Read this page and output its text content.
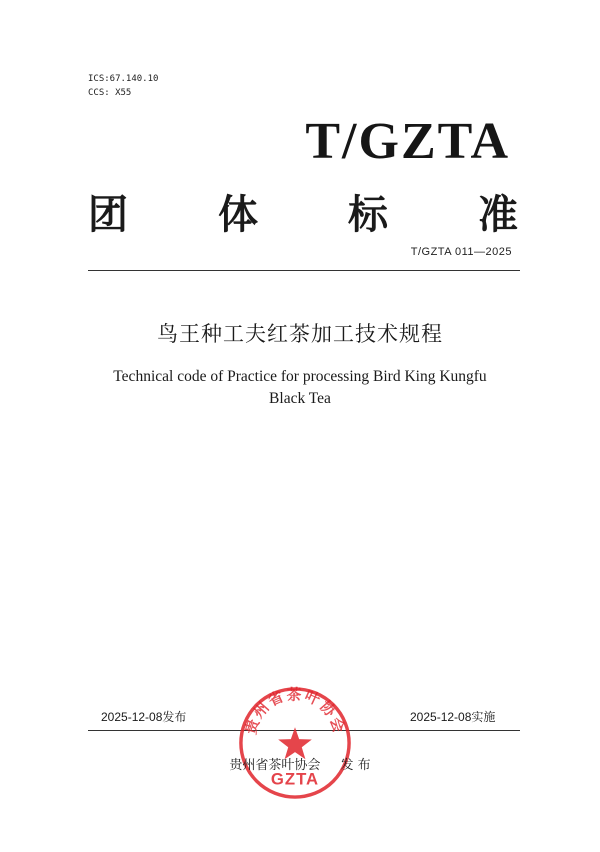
ICS:67.140.10
CCS: X55
T/GZTA
团 体 标 准
T/GZTA 011—2025
鸟王种工夫红茶加工技术规程
Technical code of Practice for processing Bird King Kungfu
Black Tea
2025-12-08发布	2025-12-08实施
贵州省茶叶协会
GZTA
贵州省茶叶协会 发 布
